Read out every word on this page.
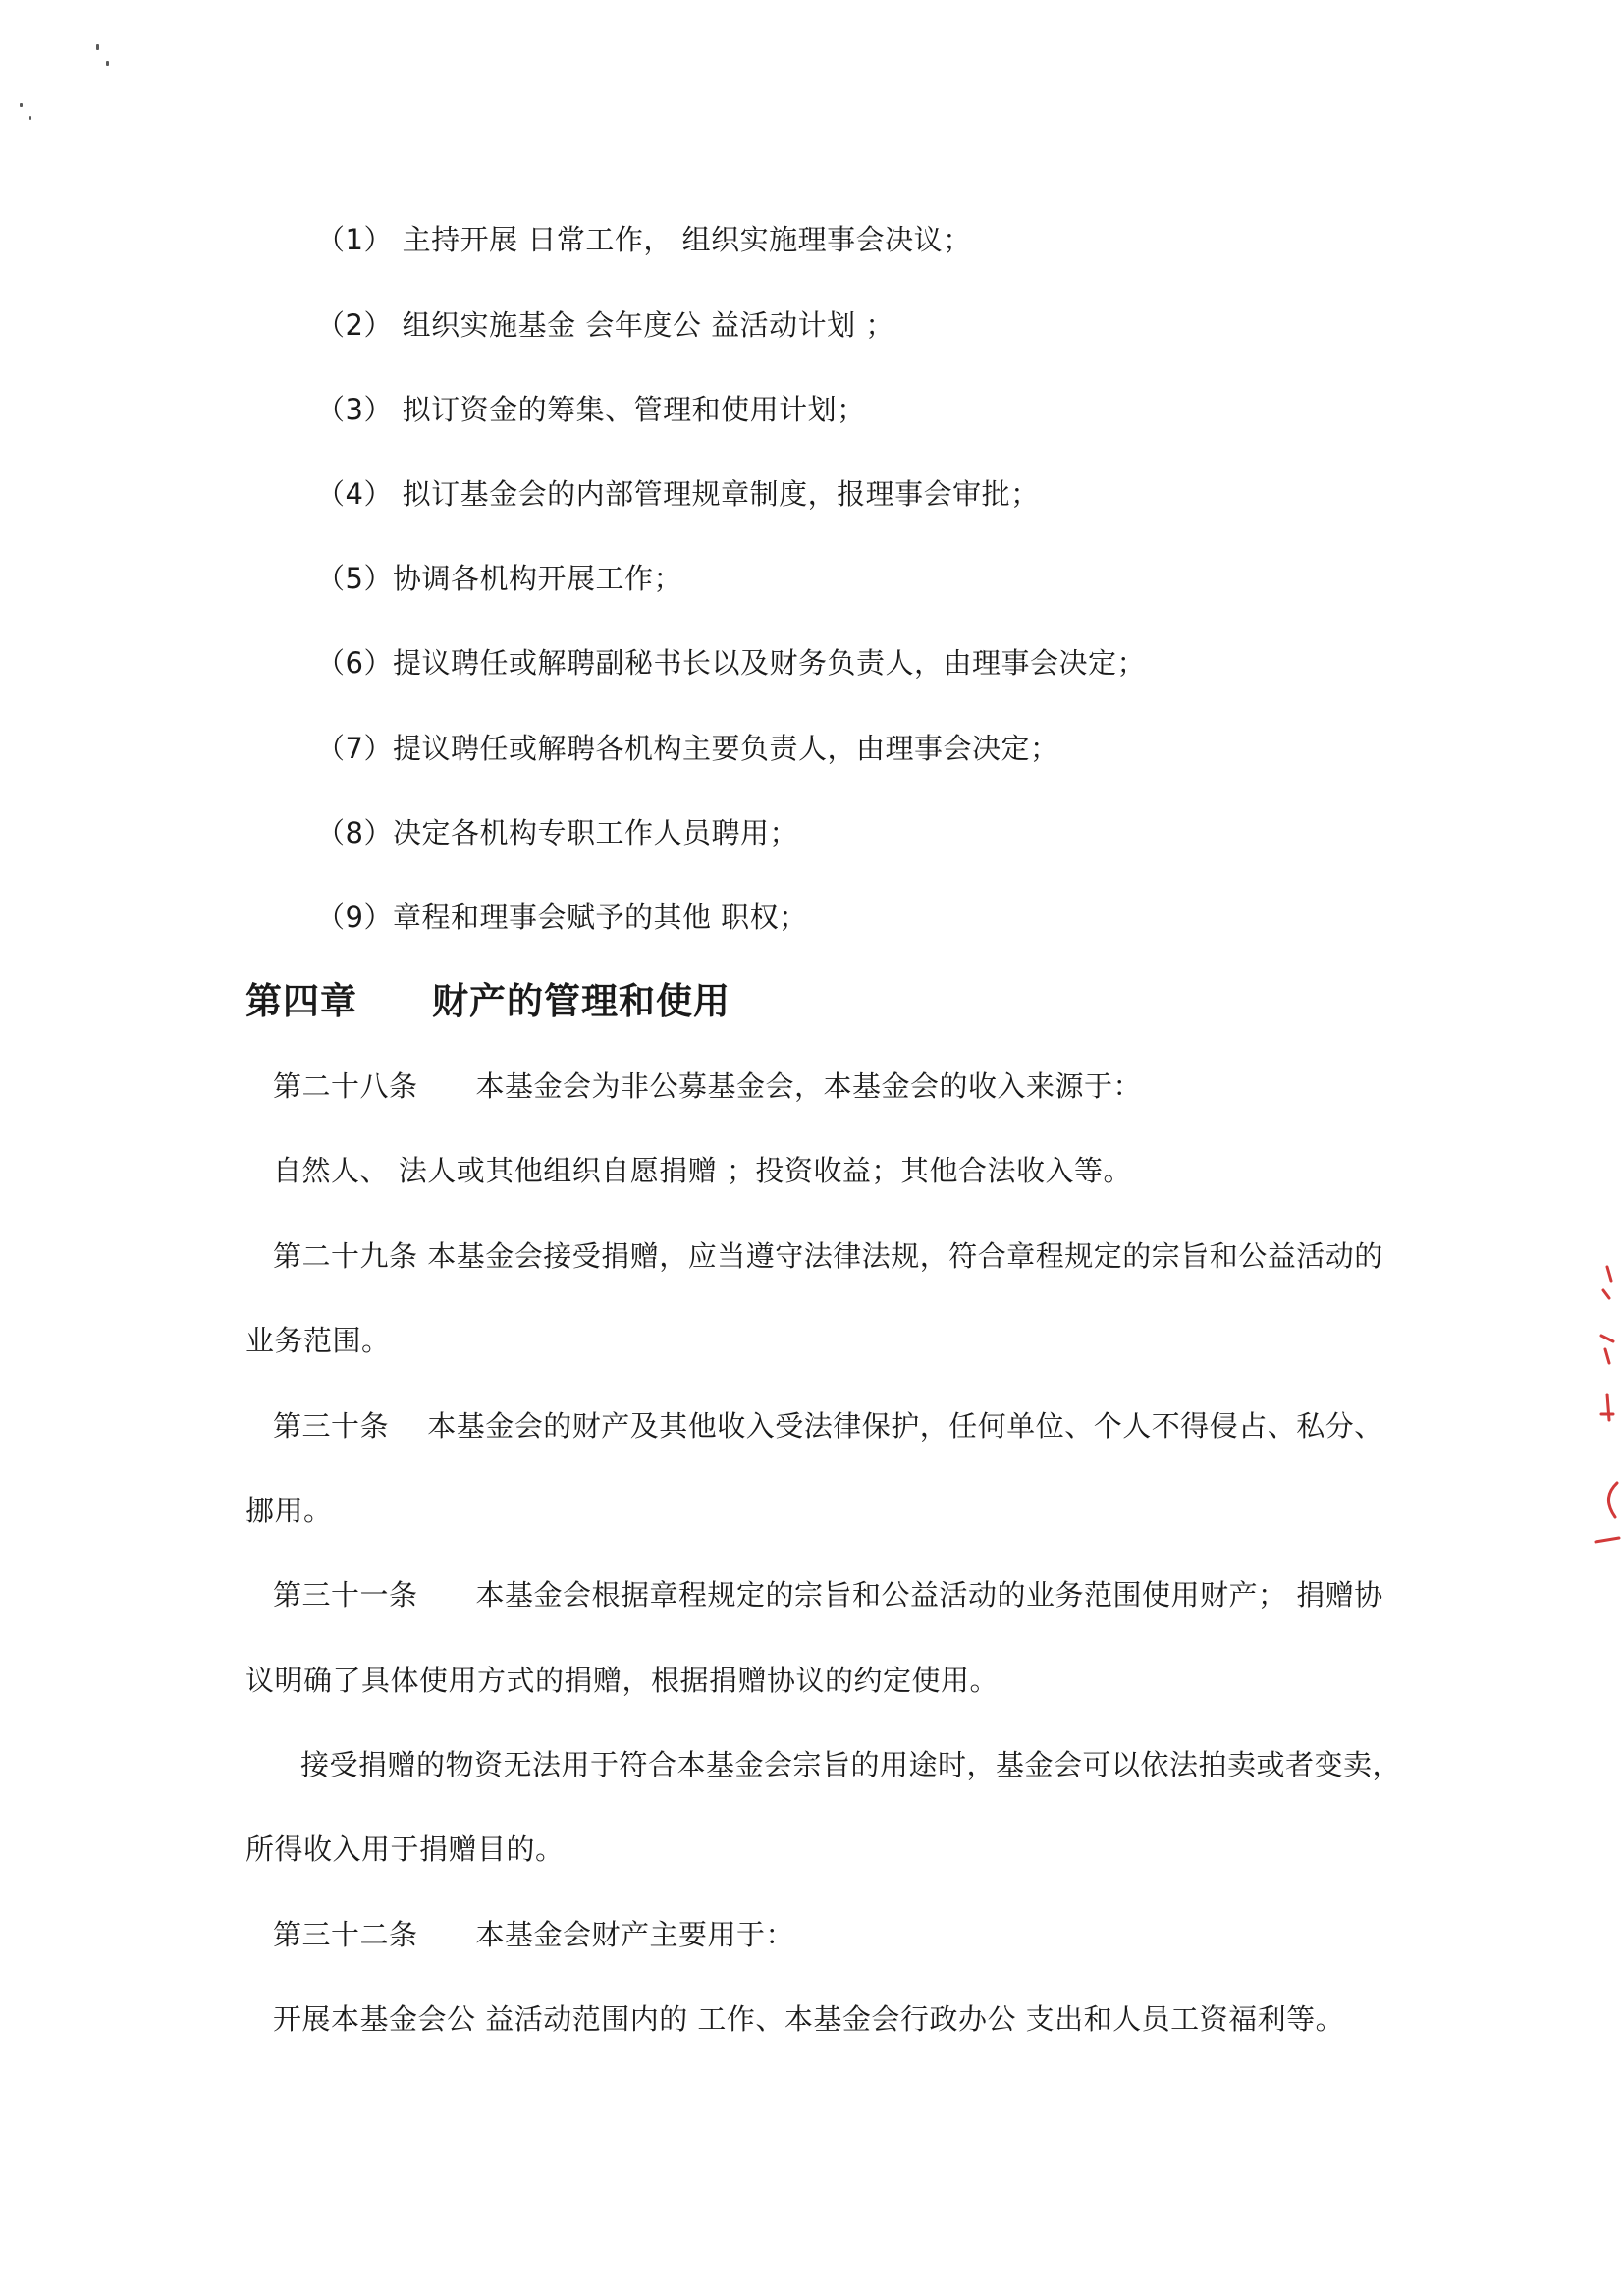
（1） 主持开展 日常工作， 组织实施理事会决议；
（2） 组织实施基金 会年度公 益活动计划 ；
（3） 拟订资金的筹集、管理和使用计划；
（4） 拟订基金会的内部管理规章制度，报理事会审批；
（5）协调各机构开展工作；
（6）提议聘任或解聘副秘书长以及财务负责人，由理事会决定；
（7）提议聘任或解聘各机构主要负责人，由理事会决定；
（8）决定各机构专职工作人员聘用；
（9）章程和理事会赋予的其他 职权；
第四章　　财产的管理和使用
第二十八条　　本基金会为非公募基金会，本基金会的收入来源于：
自然人、 法人或其他组织自愿捐赠 ；投资收益；其他合法收入等。
第二十九条 本基金会接受捐赠，应当遵守法律法规，符合章程规定的宗旨和公益活动的
业务范围。
第三十条　 本基金会的财产及其他收入受法律保护，任何单位、个人不得侵占、私分、
挪用。
第三十一条　　本基金会根据章程规定的宗旨和公益活动的业务范围使用财产； 捐赠协
议明确了具体使用方式的捐赠，根据捐赠协议的约定使用。
接受捐赠的物资无法用于符合本基金会宗旨的用途时，基金会可以依法拍卖或者变卖，
所得收入用于捐赠目的。
第三十二条　　本基金会财产主要用于：
开展本基金会公 益活动范围内的 工作、本基金会行政办公 支出和人员工资福利等。
